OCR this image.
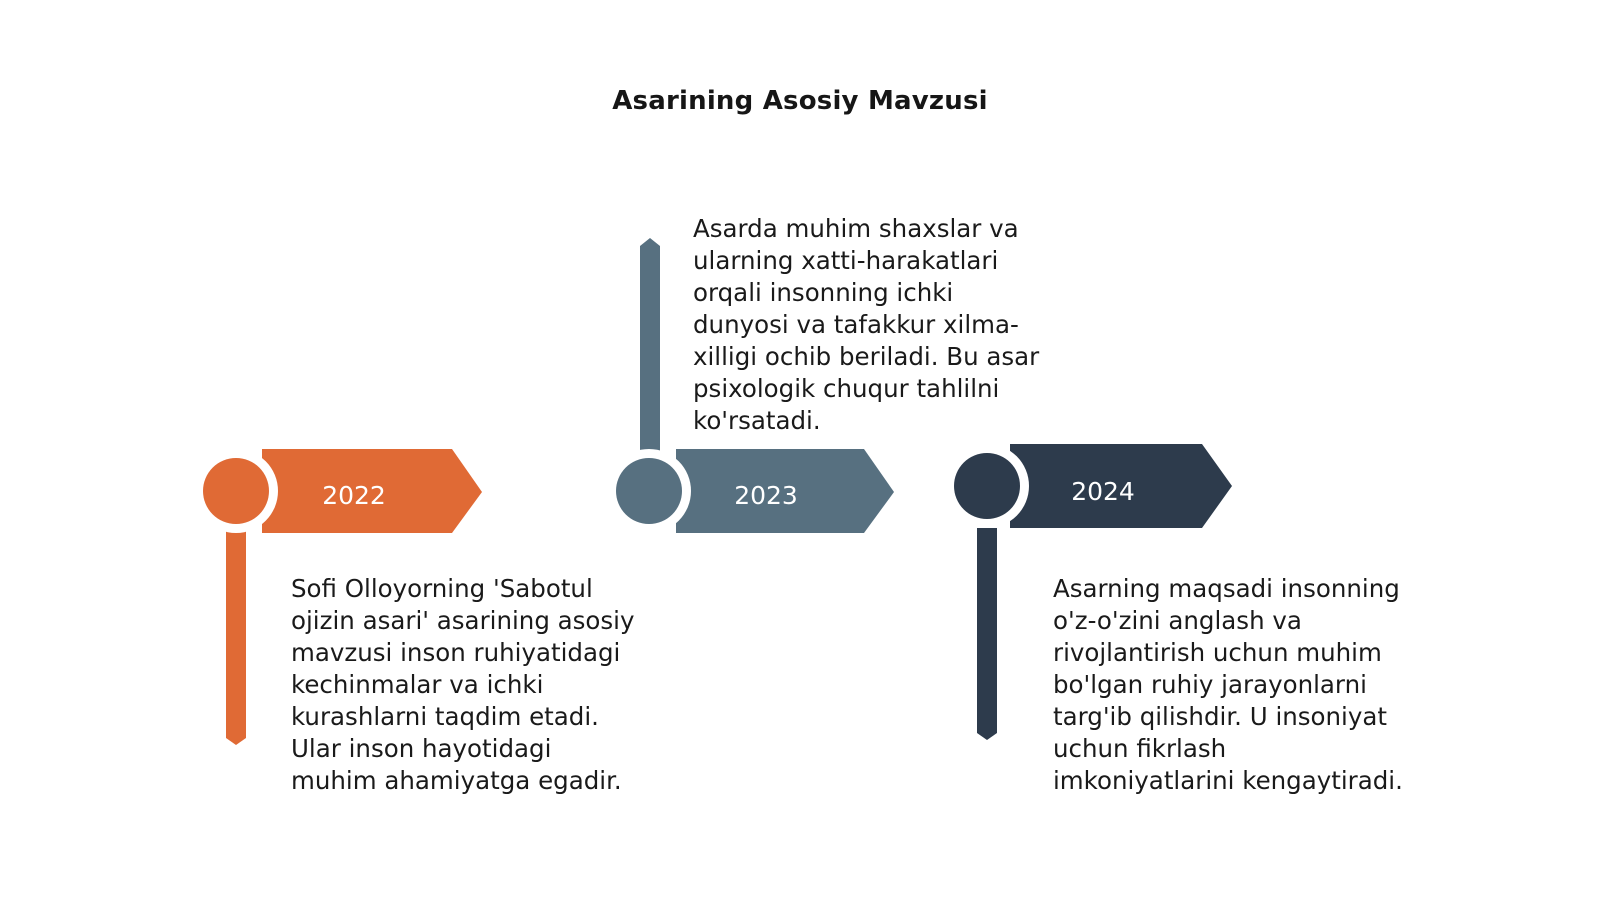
Asarining Asosiy Mavzusi
2022	2023	2024
Sofi Olloyorning 'Sabotul ojizin asari' asarining asosiy mavzusi inson ruhiyatidagi kechinmalar va ichki kurashlarni taqdim etadi. Ular inson hayotidagi muhim ahamiyatga egadir.
Asarda muhim shaxslar va ularning xatti-harakatlari orqali insonning ichki dunyosi va tafakkur xilma-xilligi ochib beriladi. Bu asar psixologik chuqur tahlilni ko'rsatadi.
Asarning maqsadi insonning o'z-o'zini anglash va rivojlantirish uchun muhim bo'lgan ruhiy jarayonlarni targ'ib qilishdir. U insoniyat uchun fikrlash imkoniyatlarini kengaytiradi.
